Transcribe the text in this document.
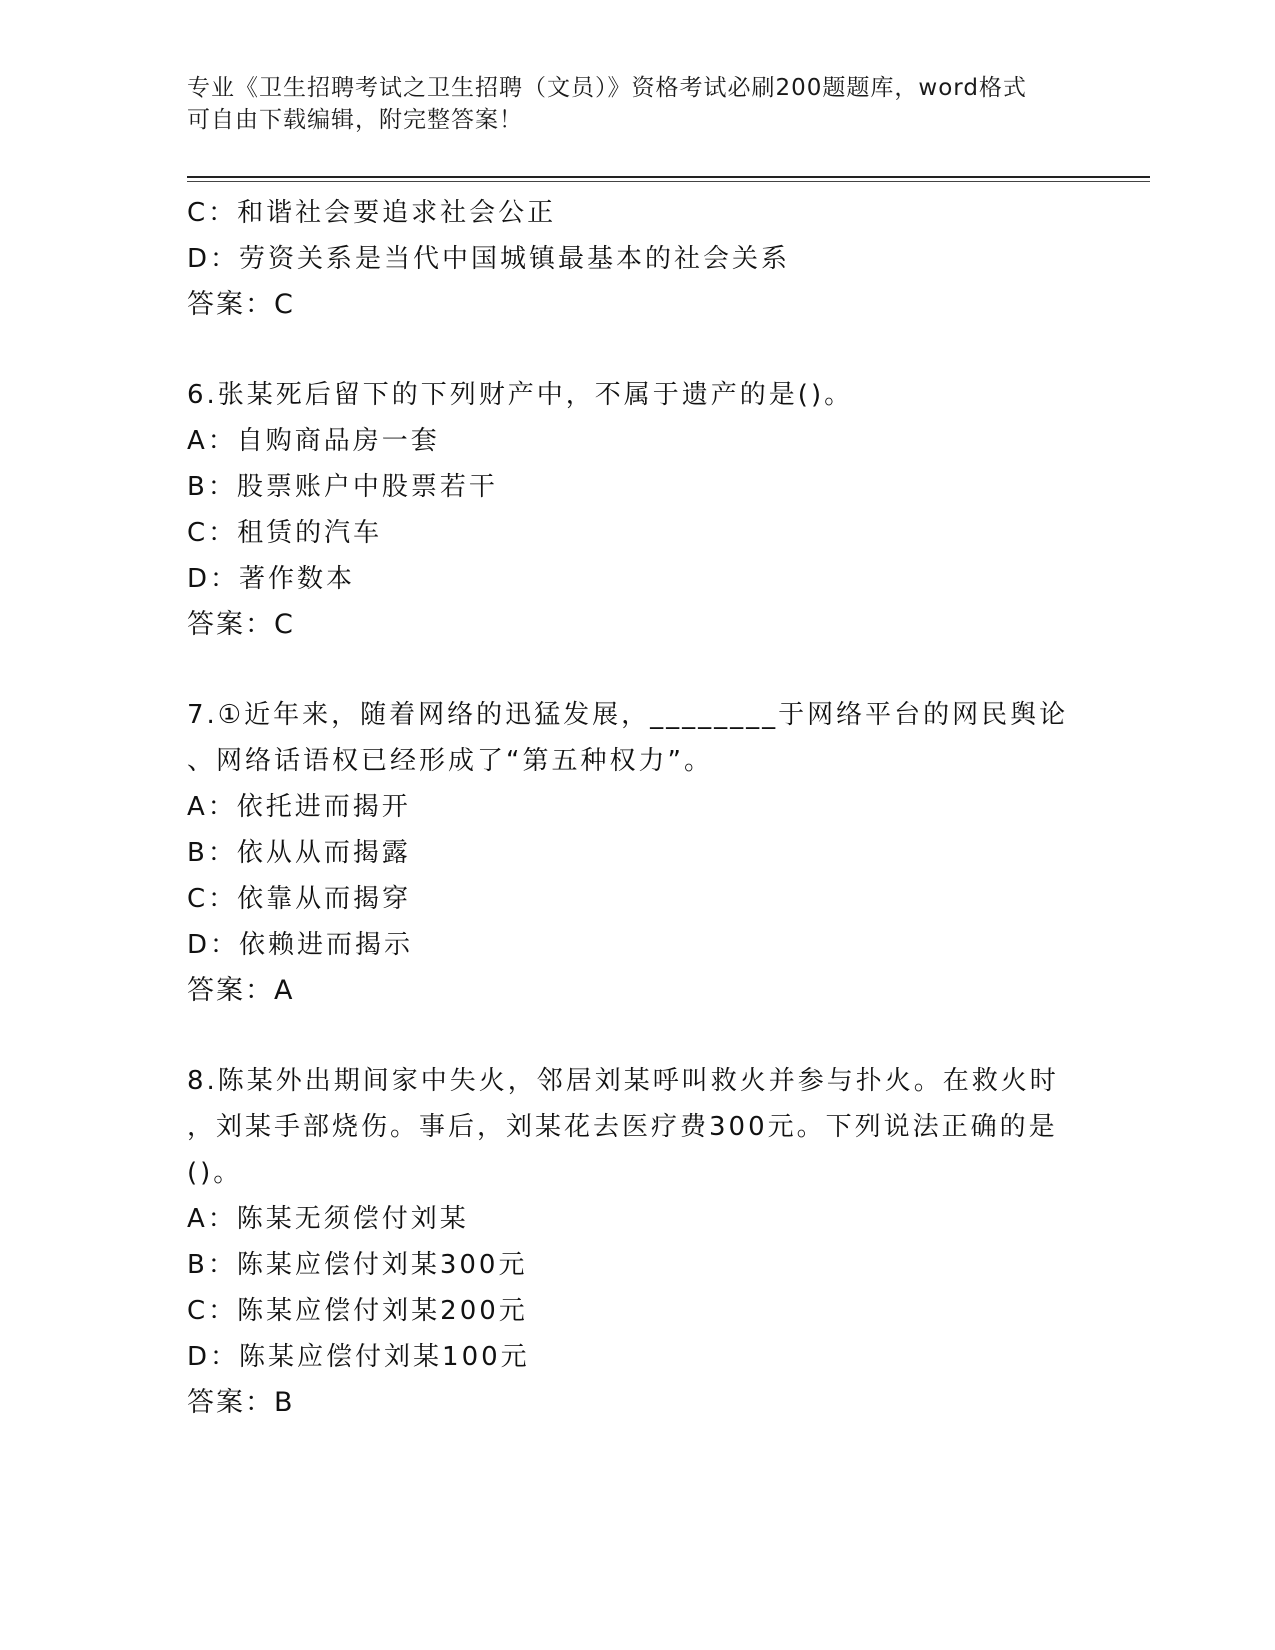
专业《卫生招聘考试之卫生招聘（文员）》资格考试必刷200题题库，word格式
可自由下载编辑，附完整答案！

C：和谐社会要追求社会公正

D：劳资关系是当代中国城镇最基本的社会关系

答案：C

6.张某死后留下的下列财产中，不属于遗产的是()。

A：自购商品房一套

B：股票账户中股票若干

C：租赁的汽车

D：著作数本

答案：C

7.①近年来，随着网络的迅猛发展，________于网络平台的网民舆论

、网络话语权已经形成了“第五种权力”。

A：依托进而揭开

B：依从从而揭露

C：依靠从而揭穿

D：依赖进而揭示

答案：A

8.陈某外出期间家中失火，邻居刘某呼叫救火并参与扑火。在救火时

，刘某手部烧伤。事后，刘某花去医疗费300元。下列说法正确的是

()。

A：陈某无须偿付刘某

B：陈某应偿付刘某300元

C：陈某应偿付刘某200元

D：陈某应偿付刘某100元

答案：B
